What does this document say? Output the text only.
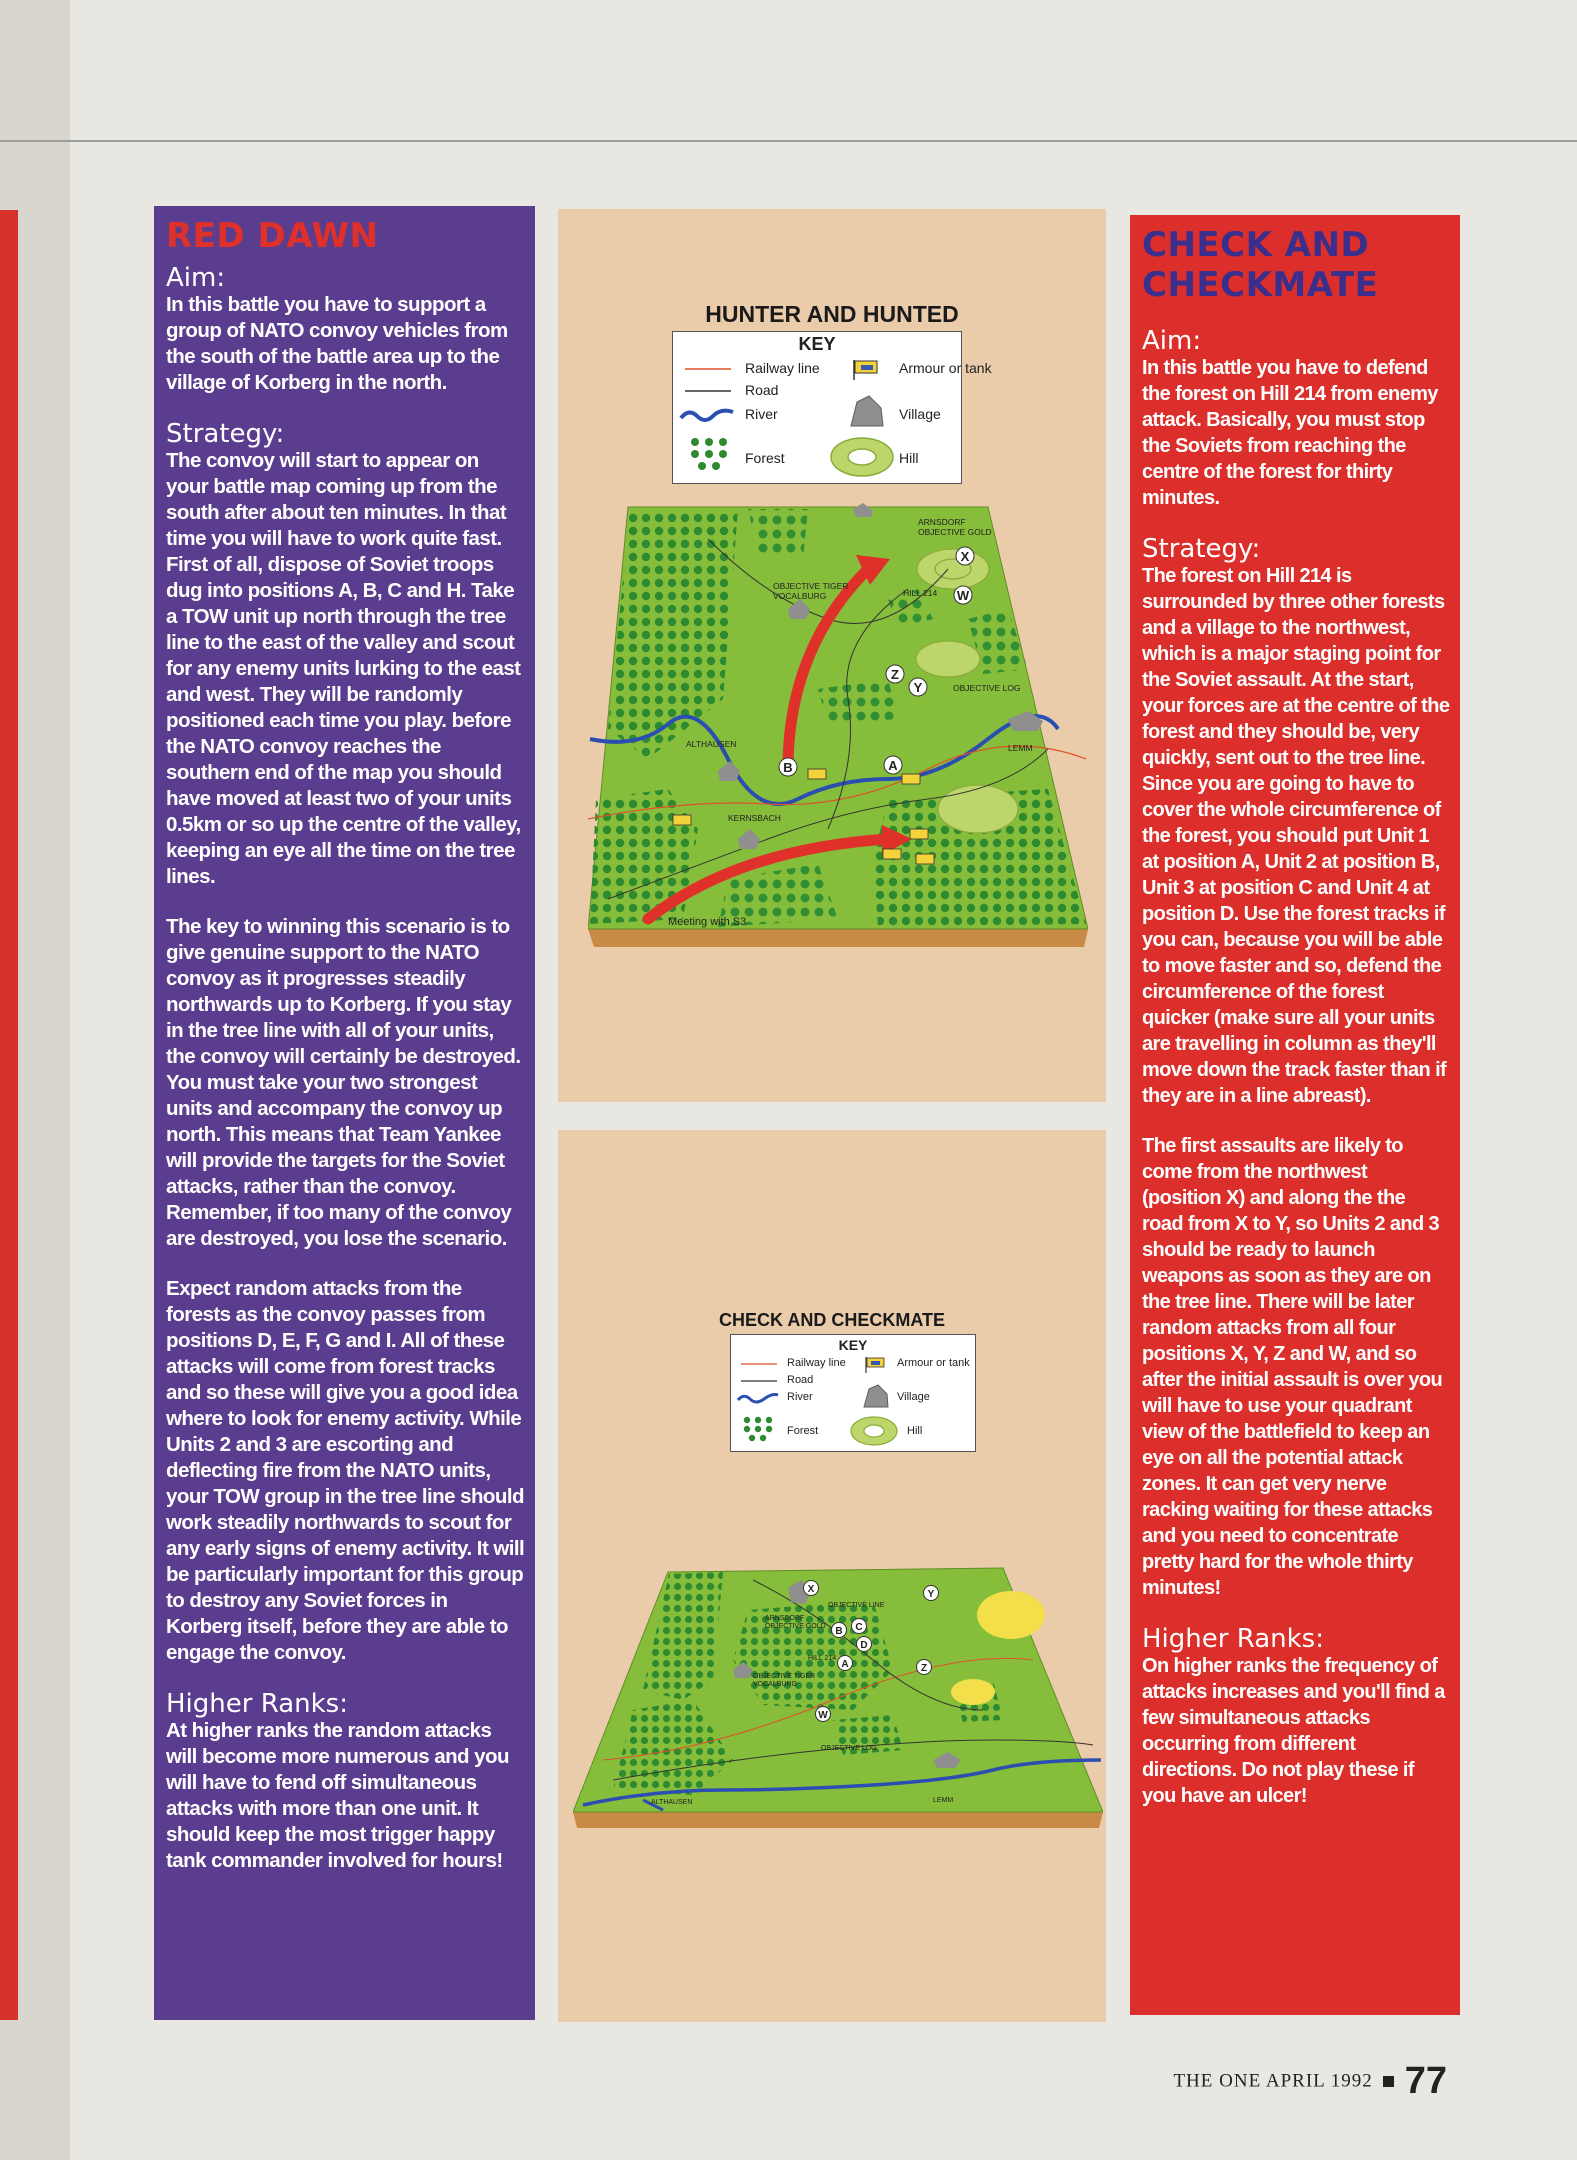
RED DAWN
Aim:

In this battle you have to support a group of NATO convoy vehicles from the south of the battle area up to the village of Korberg in the north.

Strategy:

The convoy will start to appear on your battle map coming up from the south after about ten minutes. In that time you will have to work quite fast. First of all, dispose of Soviet troops dug into positions A, B, C and H. Take a TOW unit up north through the tree line to the east of the valley and scout for any enemy units lurking to the east and west. They will be randomly positioned each time you play. before the NATO convoy reaches the southern end of the map you should have moved at least two of your units 0.5km or so up the centre of the valley, keeping an eye all the time on the tree lines.

The key to winning this scenario is to give genuine support to the NATO convoy as it progresses steadily northwards up to Korberg. If you stay in the tree line with all of your units, the convoy will certainly be destroyed. You must take your two strongest units and accompany the convoy up north. This means that Team Yankee will provide the targets for the Soviet attacks, rather than the convoy. Remember, if too many of the convoy are destroyed, you lose the scenario.

Expect random attacks from the forests as the convoy passes from positions D, E, F, G and I. All of these attacks will come from forest tracks and so these will give you a good idea where to look for enemy activity. While Units 2 and 3 are escorting and deflecting fire from the NATO units, your TOW group in the tree line should work steadily northwards to scout for any early signs of enemy activity. It will be particularly important for this group to destroy any Soviet forces in Korberg itself, before they are able to engage the convoy.

Higher Ranks:

At higher ranks the random attacks will become more numerous and you will have to fend off simultaneous attacks with more than one unit. It should keep the most trigger happy tank commander involved for hours!

HUNTER AND HUNTED
KEY
Railway line
Road
River
Forest
Armour or tank
Village
Hill
ARNSDORF
OBJECTIVE GOLD
OBJECTIVE TIGER
VOCALBURG	HILL 214
OBJECTIVE LOG
ALTHAUSEN	LEMM
KERNSBACH
Meeting with S3
X
W
Z
Y
B	A
CHECK AND CHECKMATE
KEY
Railway line
Road
River
Forest
Armour or tank
Village
Hill
OBJECTIVE LINE
ARNSDORF
OBJECTIVE GOLD
HILL 214
OBJECTIVE TIGER
VOCALBURG
OBJECTIVE LOG
ALTHAUSEN	LEMM
X	Y
B C
D
A	Z
W
CHECK AND
CHECKMATE
Aim:

In this battle you have to defend the forest on Hill 214 from enemy attack. Basically, you must stop the Soviets from reaching the centre of the forest for thirty minutes.

Strategy:

The forest on Hill 214 is surrounded by three other forests and a village to the northwest, which is a major staging point for the Soviet assault. At the start, your forces are at the centre of the forest and they should be, very quickly, sent out to the tree line. Since you are going to have to cover the whole circumference of the forest, you should put Unit 1 at position A, Unit 2 at position B, Unit 3 at position C and Unit 4 at position D. Use the forest tracks if you can, because you will be able to move faster and so, defend the circumference of the forest quicker (make sure all your units are travelling in column as they'll move down the track faster than if they are in a line abreast).

The first assaults are likely to come from the northwest (position X) and along the the road from X to Y, so Units 2 and 3 should be ready to launch weapons as soon as they are on the tree line. There will be later random attacks from all four positions X, Y, Z and W, and so after the initial assault is over you will have to use your quadrant view of the battlefield to keep an eye on all the potential attack zones. It can get very nerve racking waiting for these attacks and you need to concentrate pretty hard for the whole thirty minutes!

Higher Ranks:

On higher ranks the frequency of attacks increases and you'll find a few simultaneous attacks occurring from different directions. Do not play these if you have an ulcer!

THE ONE APRIL 1992 77
